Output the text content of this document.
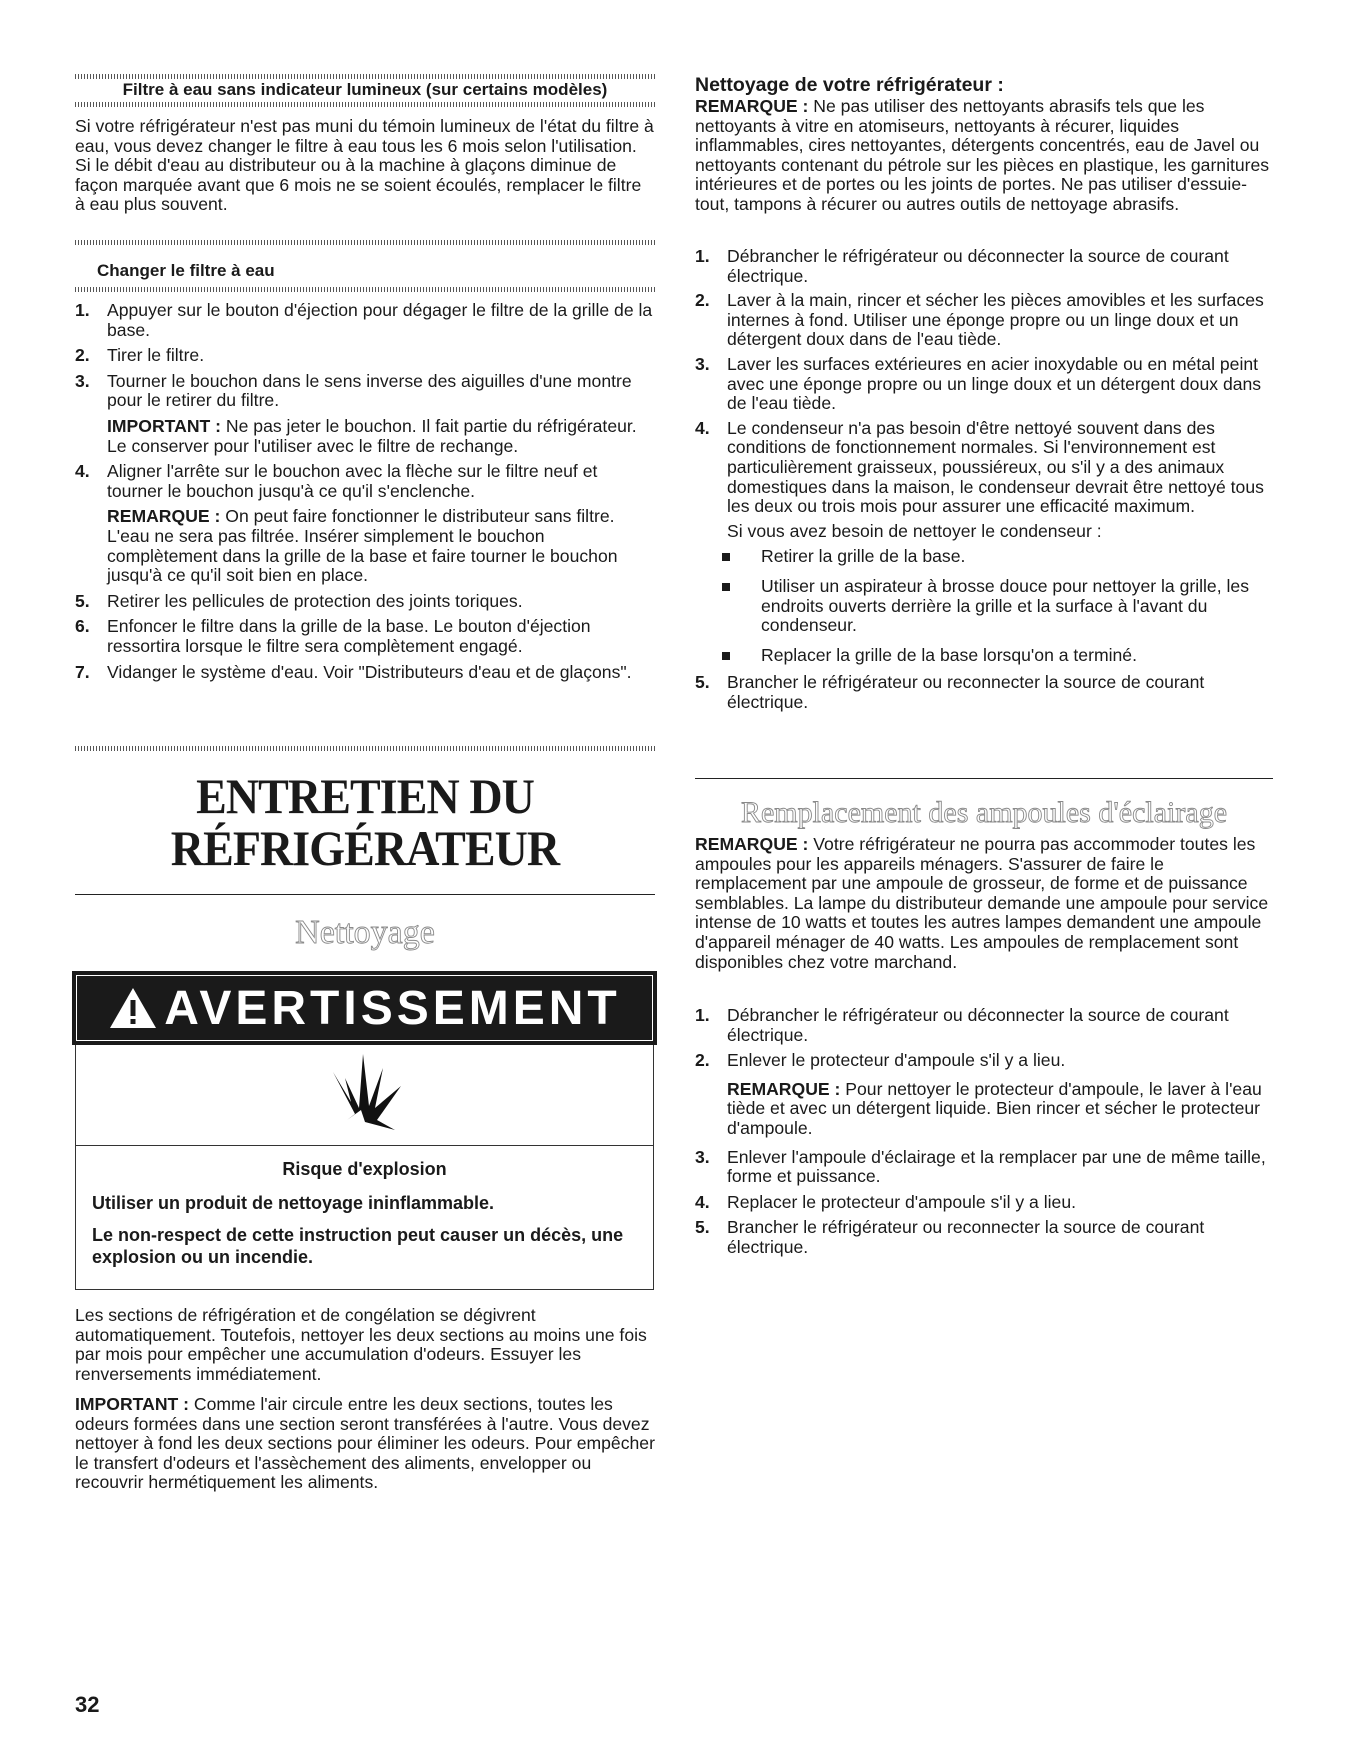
Filtre à eau sans indicateur lumineux (sur certains modèles)

Si votre réfrigérateur n'est pas muni du témoin lumineux de l'état du filtre à eau, vous devez changer le filtre à eau tous les 6 mois selon l'utilisation. Si le débit d'eau au distributeur ou à la machine à glaçons diminue de façon marquée avant que 6 mois ne se soient écoulés, remplacer le filtre à eau plus souvent.

Changer le filtre à eau
1. Appuyer sur le bouton d'éjection pour dégager le filtre de la grille de la base.
2. Tirer le filtre.
3. Tourner le bouchon dans le sens inverse des aiguilles d'une montre pour le retirer du filtre.

IMPORTANT : Ne pas jeter le bouchon. Il fait partie du réfrigérateur. Le conserver pour l'utiliser avec le filtre de rechange.

4. Aligner l'arrête sur le bouchon avec la flèche sur le filtre neuf et tourner le bouchon jusqu'à ce qu'il s'enclenche.

REMARQUE : On peut faire fonctionner le distributeur sans filtre. L'eau ne sera pas filtrée. Insérer simplement le bouchon complètement dans la grille de la base et faire tourner le bouchon jusqu'à ce qu'il soit bien en place.

5. Retirer les pellicules de protection des joints toriques.
6. Enfoncer le filtre dans la grille de la base. Le bouton d'éjection ressortira lorsque le filtre sera complètement engagé.
7. Vidanger le système d'eau. Voir "Distributeurs d'eau et de glaçons".
ENTRETIEN DU
RÉFRIGÉRATEUR
Nettoyage
AVERTISSEMENT

Risque d'explosion

Utiliser un produit de nettoyage ininflammable.

Le non-respect de cette instruction peut causer un décès, une explosion ou un incendie.

Les sections de réfrigération et de congélation se dégivrent automatiquement. Toutefois, nettoyer les deux sections au moins une fois par mois pour empêcher une accumulation d'odeurs. Essuyer les renversements immédiatement.

IMPORTANT : Comme l'air circule entre les deux sections, toutes les odeurs formées dans une section seront transférées à l'autre. Vous devez nettoyer à fond les deux sections pour éliminer les odeurs. Pour empêcher le transfert d'odeurs et l'assèchement des aliments, envelopper ou recouvrir hermétiquement les aliments.

Nettoyage de votre réfrigérateur :

REMARQUE : Ne pas utiliser des nettoyants abrasifs tels que les nettoyants à vitre en atomiseurs, nettoyants à récurer, liquides inflammables, cires nettoyantes, détergents concentrés, eau de Javel ou nettoyants contenant du pétrole sur les pièces en plastique, les garnitures intérieures et de portes ou les joints de portes. Ne pas utiliser d'essuie-tout, tampons à récurer ou autres outils de nettoyage abrasifs.

1. Débrancher le réfrigérateur ou déconnecter la source de courant électrique.
2. Laver à la main, rincer et sécher les pièces amovibles et les surfaces internes à fond. Utiliser une éponge propre ou un linge doux et un détergent doux dans de l'eau tiède.
3. Laver les surfaces extérieures en acier inoxydable ou en métal peint avec une éponge propre ou un linge doux et un détergent doux dans de l'eau tiède.
4. Le condenseur n'a pas besoin d'être nettoyé souvent dans des conditions de fonctionnement normales. Si l'environnement est particulièrement graisseux, poussiéreux, ou s'il y a des animaux domestiques dans la maison, le condenseur devrait être nettoyé tous les deux ou trois mois pour assurer une efficacité maximum.

Si vous avez besoin de nettoyer le condenseur :

Retirer la grille de la base.
Utiliser un aspirateur à brosse douce pour nettoyer la grille, les endroits ouverts derrière la grille et la surface à l'avant du condenseur.
Replacer la grille de la base lorsqu'on a terminé.
5. Brancher le réfrigérateur ou reconnecter la source de courant électrique.
Remplacement des ampoules d'éclairage

REMARQUE : Votre réfrigérateur ne pourra pas accommoder toutes les ampoules pour les appareils ménagers. S'assurer de faire le remplacement par une ampoule de grosseur, de forme et de puissance semblables. La lampe du distributeur demande une ampoule pour service intense de 10 watts et toutes les autres lampes demandent une ampoule d'appareil ménager de 40 watts. Les ampoules de remplacement sont disponibles chez votre marchand.

1. Débrancher le réfrigérateur ou déconnecter la source de courant électrique.
2. Enlever le protecteur d'ampoule s'il y a lieu.

REMARQUE : Pour nettoyer le protecteur d'ampoule, le laver à l'eau tiède et avec un détergent liquide. Bien rincer et sécher le protecteur d'ampoule.

3. Enlever l'ampoule d'éclairage et la remplacer par une de même taille, forme et puissance.
4. Replacer le protecteur d'ampoule s'il y a lieu.
5. Brancher le réfrigérateur ou reconnecter la source de courant électrique.
32
